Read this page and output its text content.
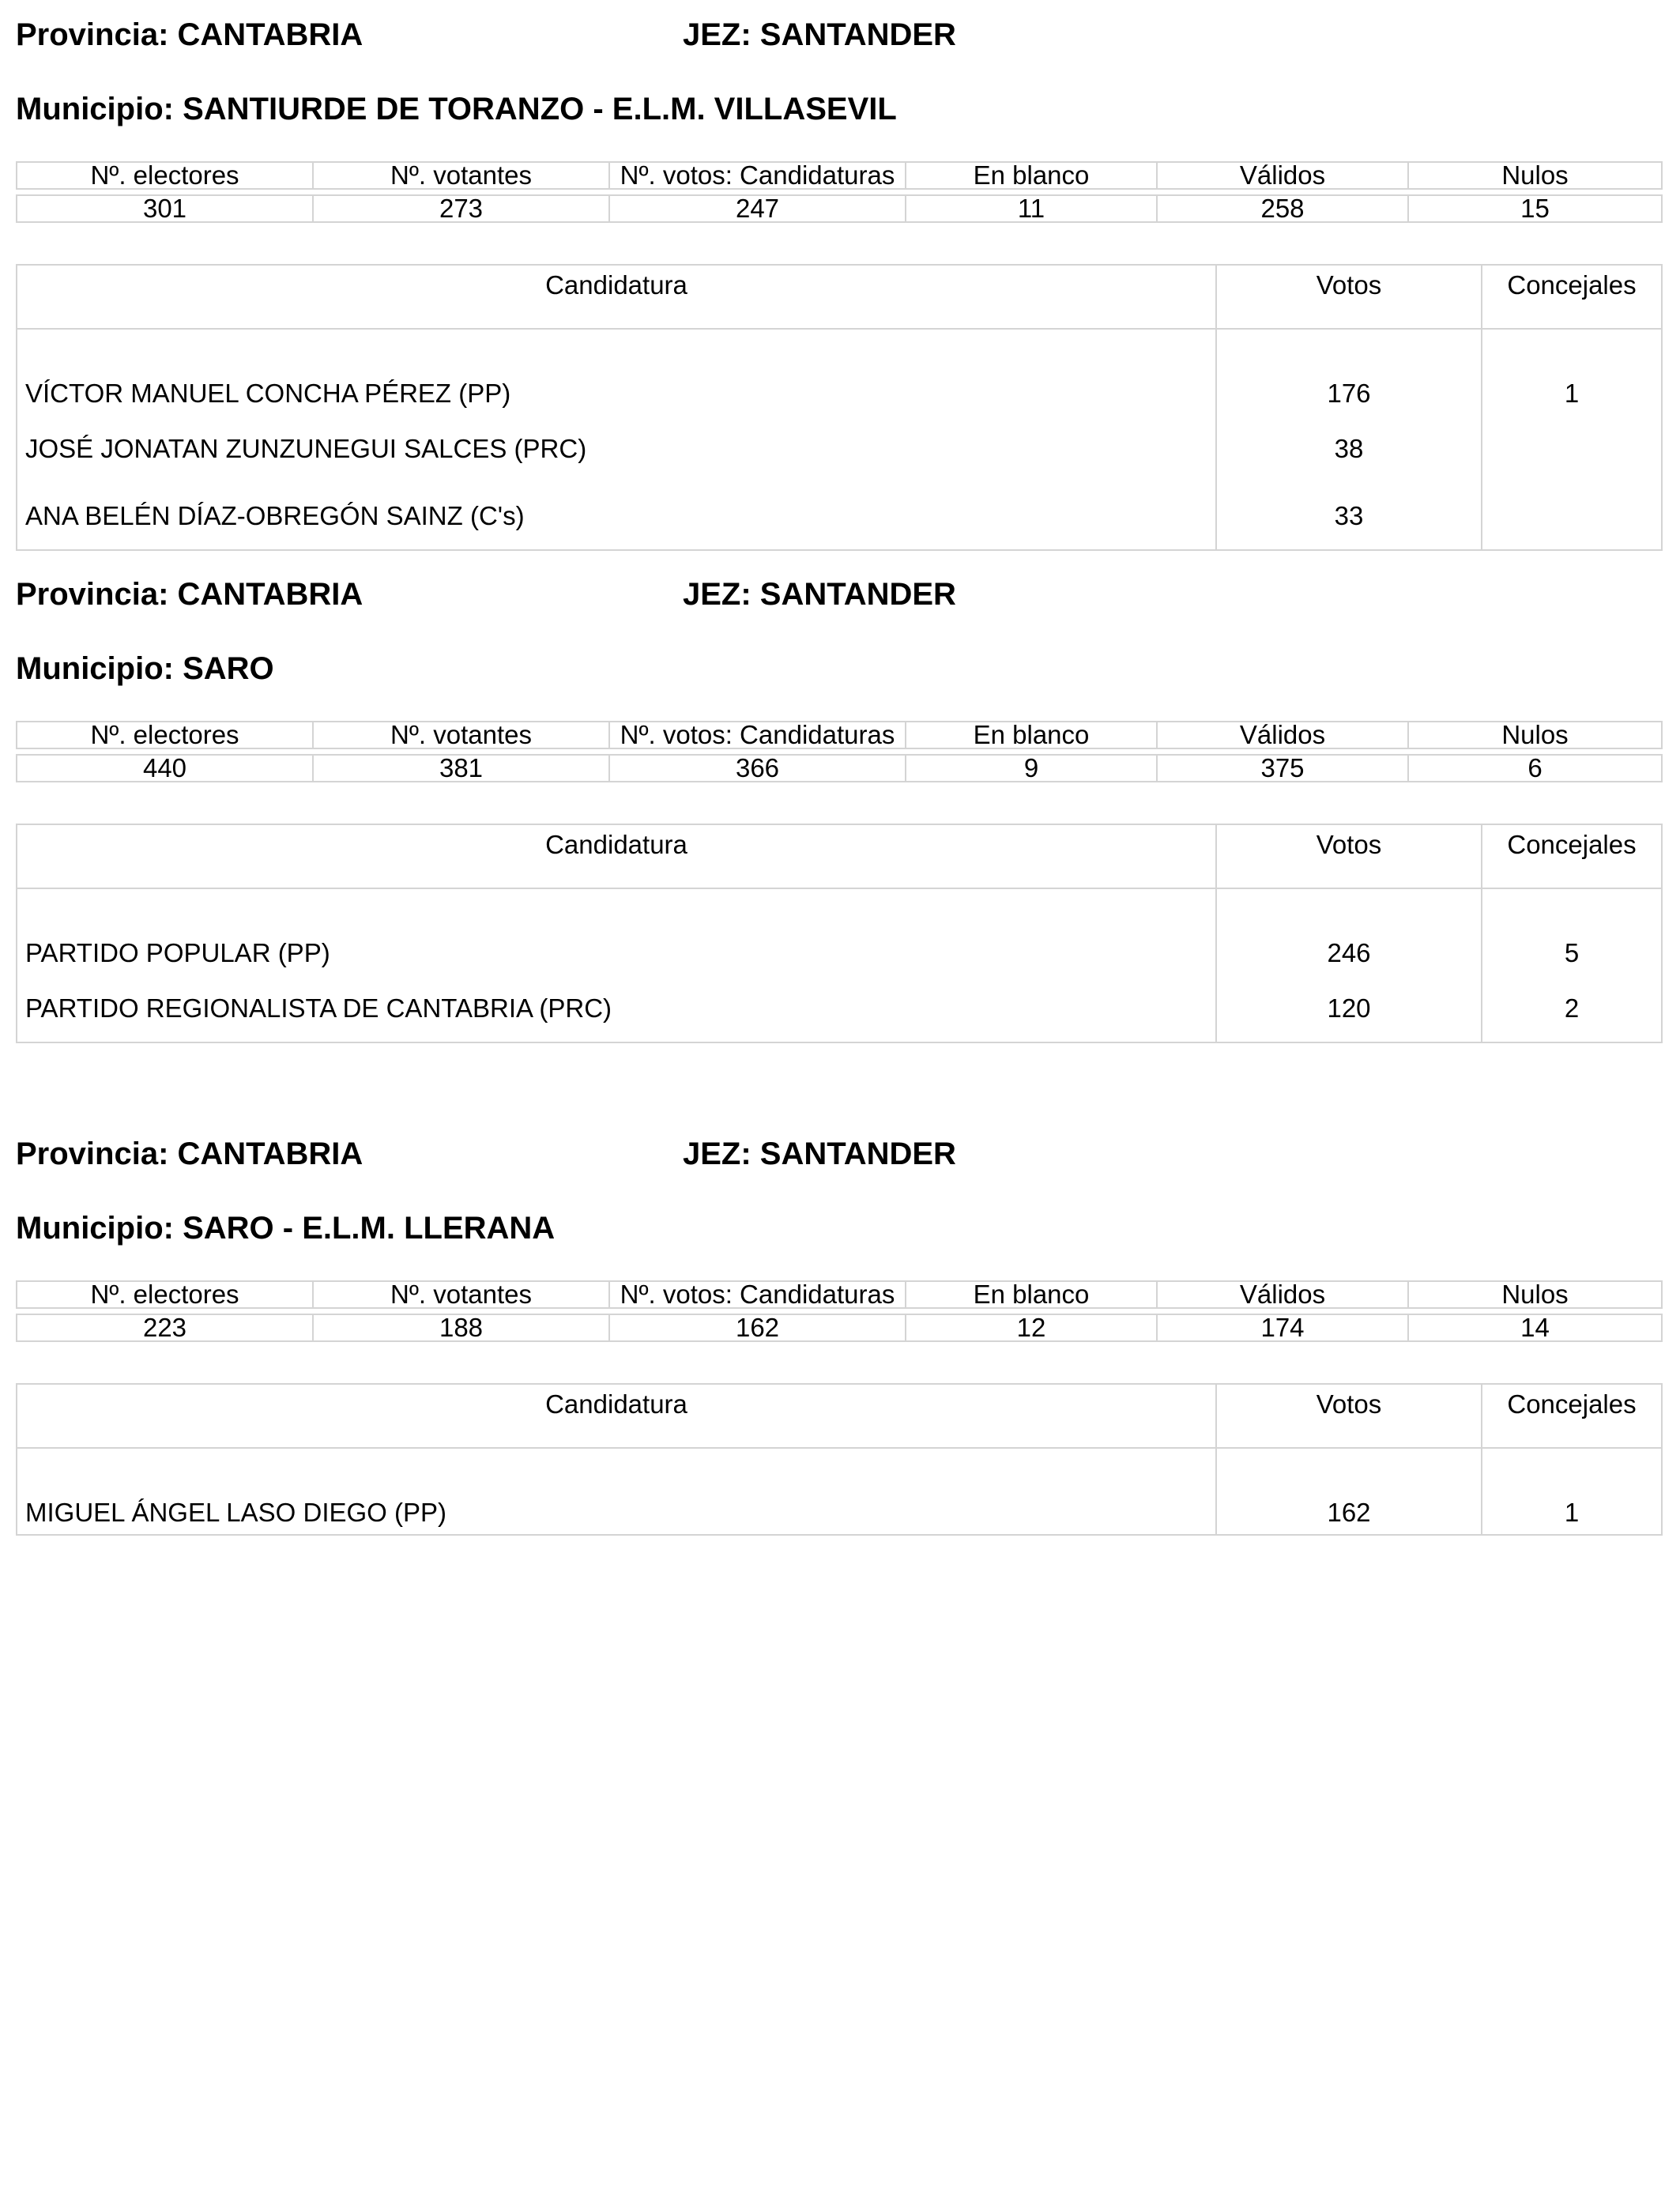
Provincia: CANTABRIA	JEZ: SANTANDER
Municipio: SANTIURDE DE TORANZO - E.L.M. VILLASEVIL
Nº. electores	Nº. votantes	Nº. votos: Candidaturas	En blanco	Válidos	Nulos

301	273	247	11	258	15
Candidatura	Votos	Concejales
VÍCTOR MANUEL CONCHA PÉREZ (PP)	176	1
JOSÉ JONATAN ZUNZUNEGUI SALCES (PRC)	38	
ANA BELÉN DÍAZ-OBREGÓN SAINZ (C's)	33	
Provincia: CANTABRIA	JEZ: SANTANDER
Municipio: SARO
Nº. electores	Nº. votantes	Nº. votos: Candidaturas	En blanco	Válidos	Nulos

440	381	366	9	375	6
Candidatura	Votos	Concejales
PARTIDO POPULAR (PP)	246	5
PARTIDO REGIONALISTA DE CANTABRIA (PRC)	120	2
Provincia: CANTABRIA	JEZ: SANTANDER
Municipio: SARO - E.L.M. LLERANA
Nº. electores	Nº. votantes	Nº. votos: Candidaturas	En blanco	Válidos	Nulos

223	188	162	12	174	14
Candidatura	Votos	Concejales
MIGUEL ÁNGEL LASO DIEGO (PP)	162	1
